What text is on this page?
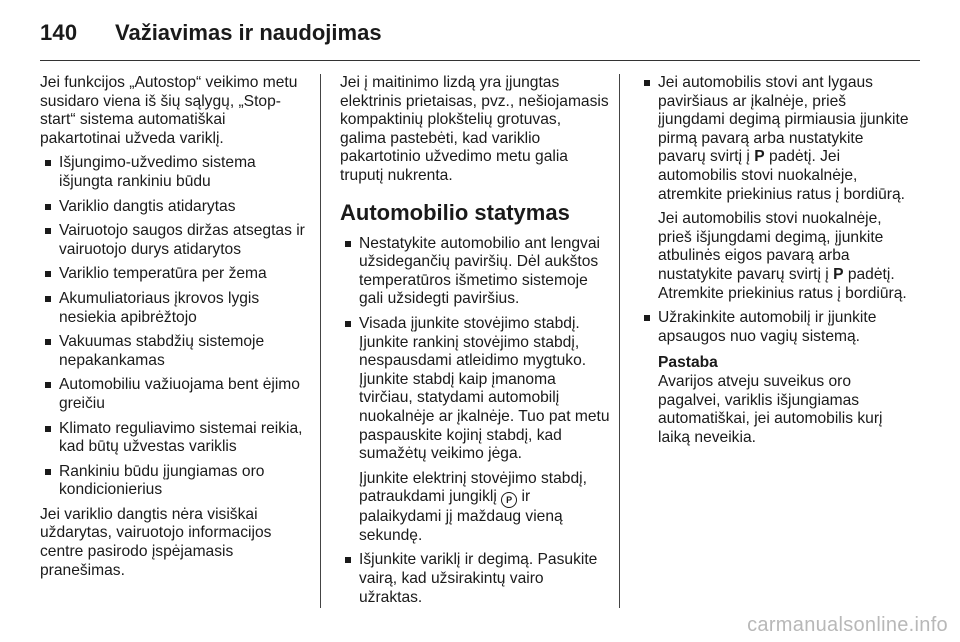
140 Važiavimas ir naudojimas

Jei funkcijos „Autostop“ veikimo metu susidaro viena iš šių sąlygų, „Stop-start“ sistema automatiškai pakartotinai užveda variklį.

Išjungimo-užvedimo sistema išjungta rankiniu būdu
Variklio dangtis atidarytas
Vairuotojo saugos diržas atsegtas ir vairuotojo durys atidarytos
Variklio temperatūra per žema
Akumuliatoriaus įkrovos lygis nesiekia apibrėžtojo
Vakuumas stabdžių sistemoje nepakankamas
Automobiliu važiuojama bent ėjimo greičiu
Klimato reguliavimo sistemai reikia, kad būtų užvestas variklis
Rankiniu būdu įjungiamas oro kondicionierius

Jei variklio dangtis nėra visiškai uždarytas, vairuotojo informacijos centre pasirodo įspėjamasis pranešimas.

Jei į maitinimo lizdą yra įjungtas elektrinis prietaisas, pvz., nešiojamasis kompaktinių plokštelių grotuvas, galima pastebėti, kad variklio pakartotinio užvedimo metu galia truputį nukrenta.

Automobilio statymas
Nestatykite automobilio ant lengvai užsidegančių paviršių. Dėl aukštos temperatūros išmetimo sistemoje gali užsidegti paviršius.
Visada įjunkite stovėjimo stabdį. Įjunkite rankinį stovėjimo stabdį, nespausdami atleidimo mygtuko. Įjunkite stabdį kaip įmanoma tvirčiau, statydami automobilį nuokalnėje ar įkalnėje. Tuo pat metu paspauskite kojinį stabdį, kad sumažėtų veikimo jėga.
Įjunkite elektrinį stovėjimo stabdį, patraukdami jungiklį P ir palaikydami jį maždaug vieną sekundę.
Išjunkite variklį ir degimą. Pasukite vairą, kad užsirakintų vairo užraktas.
Jei automobilis stovi ant lygaus paviršiaus ar įkalnėje, prieš įjungdami degimą pirmiausia įjunkite pirmą pavarą arba nustatykite pavarų svirtį į P padėtį. Jei automobilis stovi nuokalnėje, atremkite priekinius ratus į bordiūrą.
Jei automobilis stovi nuokalnėje, prieš išjungdami degimą, įjunkite atbulinės eigos pavarą arba nustatykite pavarų svirtį į P padėtį. Atremkite priekinius ratus į bordiūrą.
Užrakinkite automobilį ir įjunkite apsaugos nuo vagių sistemą.

Pastaba

Avarijos atveju suveikus oro pagalvei, variklis išjungiamas automatiškai, jei automobilis kurį laiką neveikia.

carmanualsonline.info
